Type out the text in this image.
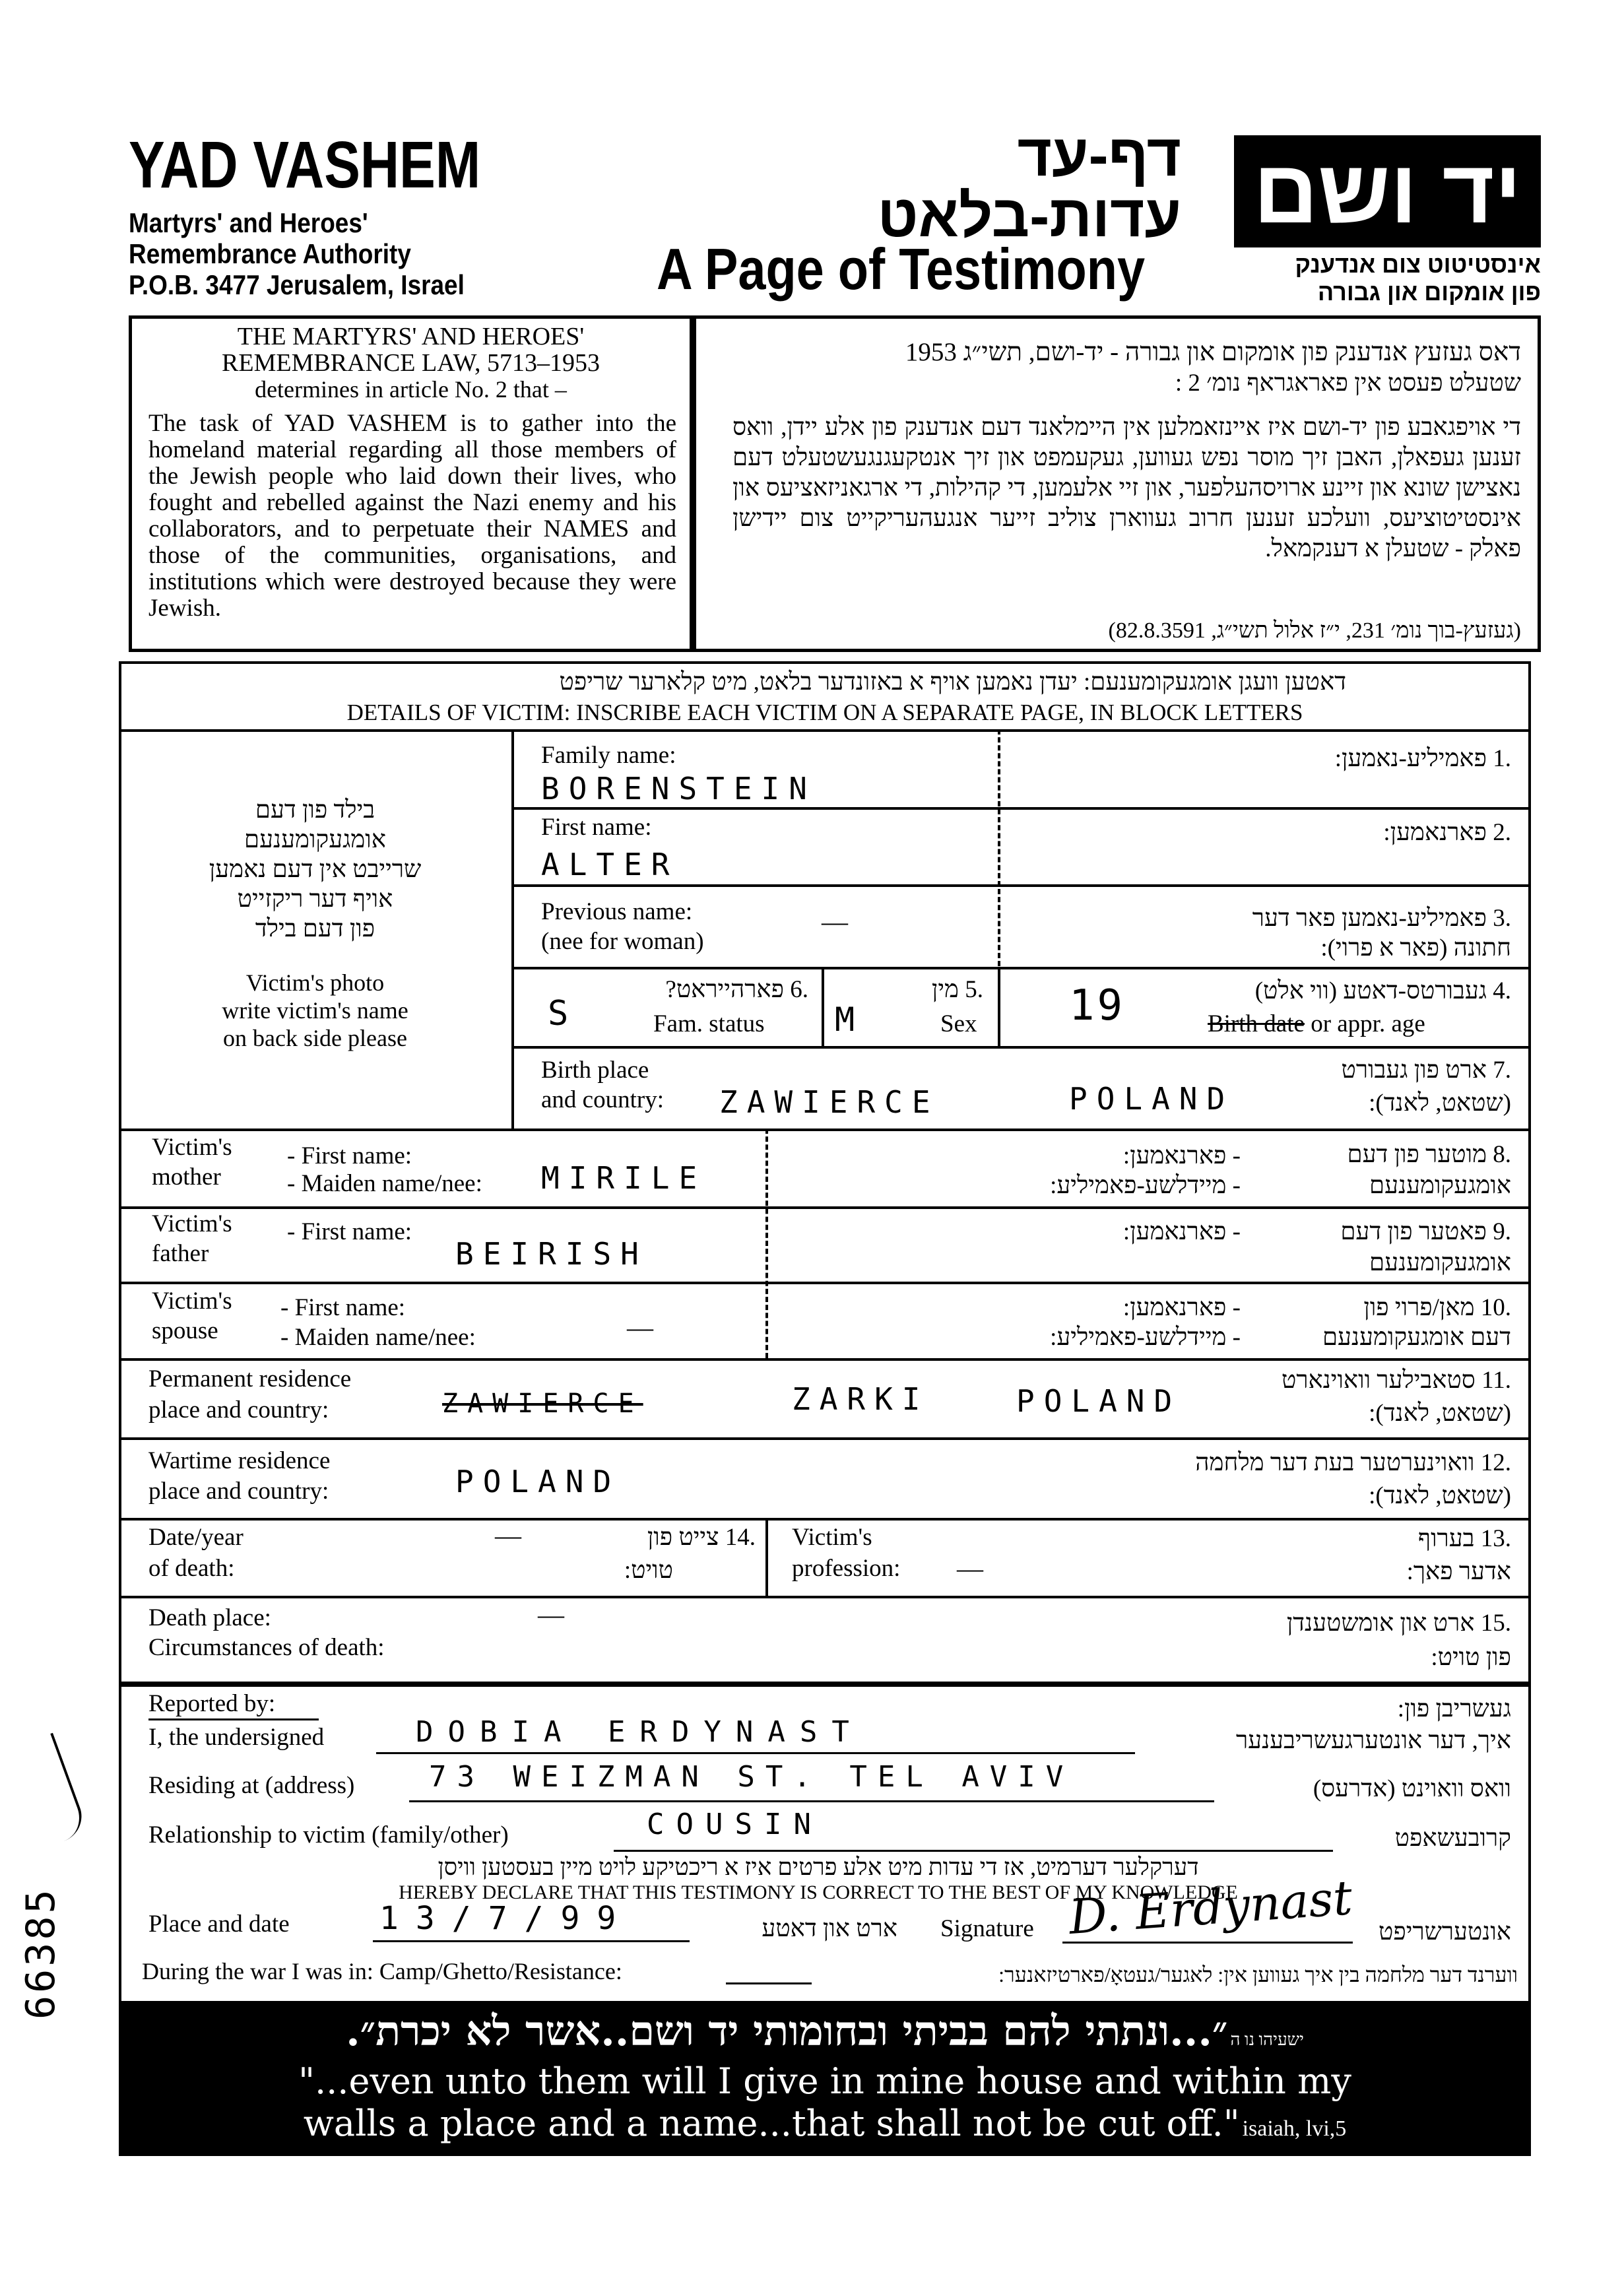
YAD VASHEM
Martyrs' and Heroes'
Remembrance Authority
P.O.B. 3477 Jerusalem, Israel
דף-עד
עדות-בלאט
A Page of Testimony
יד ושם
אינסטיטוט צום אנדענק
פון אומקום און גבורה
THE MARTYRS' AND HEROES'
REMEMBRANCE LAW, 5713–1953
determines in article No. 2 that –
The task of YAD VASHEM is to gather into the homeland material regarding all those members of the Jewish people who laid down their lives, who fought and rebelled against the Nazi enemy and his collaborators, and to perpetuate their NAMES and those of the communities, organisations, and institutions which were destroyed because they were Jewish.
דאס געזעץ אנדענק פון אומקום און גבורה - יד-ושם, תשי״ג 1953
שטעלט פעסט אין פאראגראף נומ׳ 2 :
די אויפגאבע פון יד-ושם איז איינזאמלען אין היימלאנד דעם אנדענק פון אלע יידן, וואס זענען געפאלן, האבן זיך מוסר נפש געווען, געקעמפט און זיך אנטקעגנגעשטעלט דעם נאצישן שונא און זיינע ארויסהעלפער, און זיי אלעמען, די קהילות, די ארגאניזאציעס און אינסטיטוציעס, וועלכע זענען חרוב געווארן צוליב זייער אנגעהעריקייט צום יידישן פאלק - שטעלן א דענקמאל.
(געזעץ-בוך נומ׳ 231, י״ז אלול תשי״ג, 82.8.3591)
דאטען וועגן אומגעקומענעם: יעדן נאמען אויף א באזונדער בלאט, מיט קלארער שריפט
DETAILS OF VICTIM: INSCRIBE EACH VICTIM ON A SEPARATE PAGE, IN BLOCK LETTERS
בילד פון דעם
אומגעקומענעם
שרייבט אין דעם נאמען
אויף דער ריקזייט
פון דעם בילד
Victim's photo
write victim's name
on back side please
Family name:	.1 פאמיליע-נאמען:
BORENSTEIN
First name:	.2 פארנאמען:
ALTER
Previous name:
(nee for woman)
—	.3 פאמיליע-נאמען פאר דער
חתונה (פאר א פרוי):
.6 פארהייראט?
Fam. status
S
.5 מין
Sex
M
.4 געבורטס-דאטע (ווי אלט)
Birth date or appr. age
19
Birth place
and country: ZAWIERCE	POLAND
.7 ארט פון געבורט
(שטאט, לאנד):
Victim's
mother
- First name:
- Maiden name/nee: MIRILE
- פארנאמען:
- מיידלשע-פאמיליע:
.8 מוטער פון דעם
אומגעקומענעם
Victim's
father
- First name:
BEIRISH
- פארנאמען:	.9 פאטער פון דעם
אומגעקומענעם
Victim's
spouse
- First name:
- Maiden name/nee:	—
- פארנאמען:
- מיידלשע-פאמיליע:
.10 מאן/פרוי פון
דעם אומגעקומענעם
Permanent residence
place and country:	ZAWIERCE	ZARKI	POLAND
.11 סטאבילער וואוינארט
(שטאט, לאנד):
Wartime residence
place and country:	POLAND
.12 וואוינערטער בעת דער מלחמה
(שטאט, לאנד):
Date/year
of death:
—	.14 צייט פון
טויט:
Victim's
profession: —
.13 בערוף
אדער פאך:
Death place:
Circumstances of death:
—	.15 ארט און אומשטענדן
פון טויט:
Reported by:	געשריבן פון:
I, the undersigned	DOBIA ERDYNAST	איך, דער אונטערגעשריבענער
Residing at (address)	73 WEIZMAN ST. TEL AVIV	וואס וואוינט (אדרעס)
Relationship to victim (family/other)	COUSIN	קרובעשאפט
דערקלער דערמיט, אז די עדות מיט אלע פרטים איז א ריכטיקע לויט מיין בעסטען וויסן
HEREBY DECLARE THAT THIS TESTIMONY IS CORRECT TO THE BEST OF MY KNOWLEDGE
Place and date	13/7/99	ארט און דאטע Signature D. Erdynast	אונטערשריפט
During the war I was in: Camp/Ghetto/Resistance:	ווערנד דער מלחמה בין איך געווען אין: לאגער/געטאָ/פארטיזאנער:
״...ונתתי להם בביתי ובחומותי יד ושם..אשר לא יכרת״. ישעיהו נו ה
"...even unto them will I give in mine house and within my
walls a place and a name...that shall not be cut off." isaiah, lvi,5
66385
